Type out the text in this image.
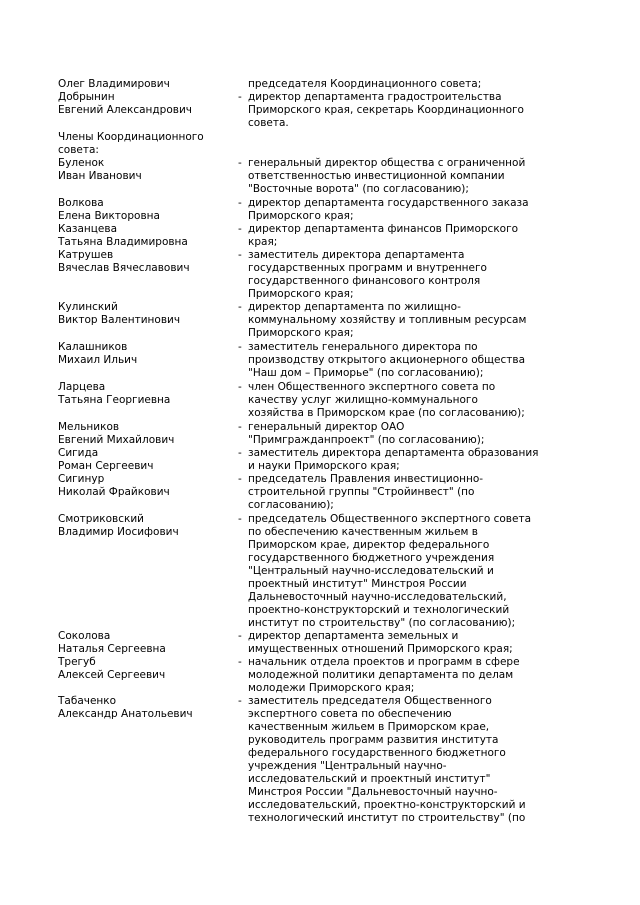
Члены Координационного
совета:
Олег Владимирович	председателя Координационного совета;
Добрынин
Евгений Александрович
- директор департамента градостроительства
Приморского края, секретарь Координационного
совета.
Буленок
Иван Иванович
- генеральный директор общества с ограниченной
ответственностью инвестиционной компании
"Восточные ворота" (по согласованию);
Волкова
Елена Викторовна
- директор департамента государственного заказа
Приморского края;
Казанцева
Татьяна Владимировна
- директор департамента финансов Приморского
края;
Катрушев
Вячеслав Вячеславович
- заместитель директора департамента
государственных программ и внутреннего
государственного финансового контроля
Приморского края;
Кулинский
Виктор Валентинович
- директор департамента по жилищно-
коммунальному хозяйству и топливным ресурсам
Приморского края;
Калашников
Михаил Ильич
- заместитель генерального директора по
производству открытого акционерного общества
"Наш дом – Приморье" (по согласованию);
Ларцева
Татьяна Георгиевна
- член Общественного экспертного совета по
качеству услуг жилищно-коммунального
хозяйства в Приморском крае (по согласованию);
Мельников
Евгений Михайлович
- генеральный директор ОАО
"Примгражданпроект" (по согласованию);
Сигида
Роман Сергеевич
- заместитель директора департамента образования
и науки Приморского края;
Сигинур
Николай Фрайкович
- председатель Правления инвестиционно-
строительной группы "Стройинвест" (по
согласованию);
Смотриковский
Владимир Иосифович
- председатель Общественного экспертного совета
по обеспечению качественным жильем в
Приморском крае, директор федерального
государственного бюджетного учреждения
"Центральный научно-исследовательский и
проектный институт" Минстроя России
Дальневосточный научно-исследовательский,
проектно-конструкторский и технологический
институт по строительству" (по согласованию);
Соколова
Наталья Сергеевна
- директор департамента земельных и
имущественных отношений Приморского края;
Трегуб
Алексей Сергеевич
- начальник отдела проектов и программ в сфере
молодежной политики департамента по делам
молодежи Приморского края;
Табаченко
Александр Анатольевич
- заместитель председателя Общественного
экспертного совета по обеспечению
качественным жильем в Приморском крае,
руководитель программ развития института
федерального государственного бюджетного
учреждения "Центральный научно-
исследовательский и проектный институт"
Минстроя России "Дальневосточный научно-
исследовательский, проектно-конструкторский и
технологический институт по строительству" (по
